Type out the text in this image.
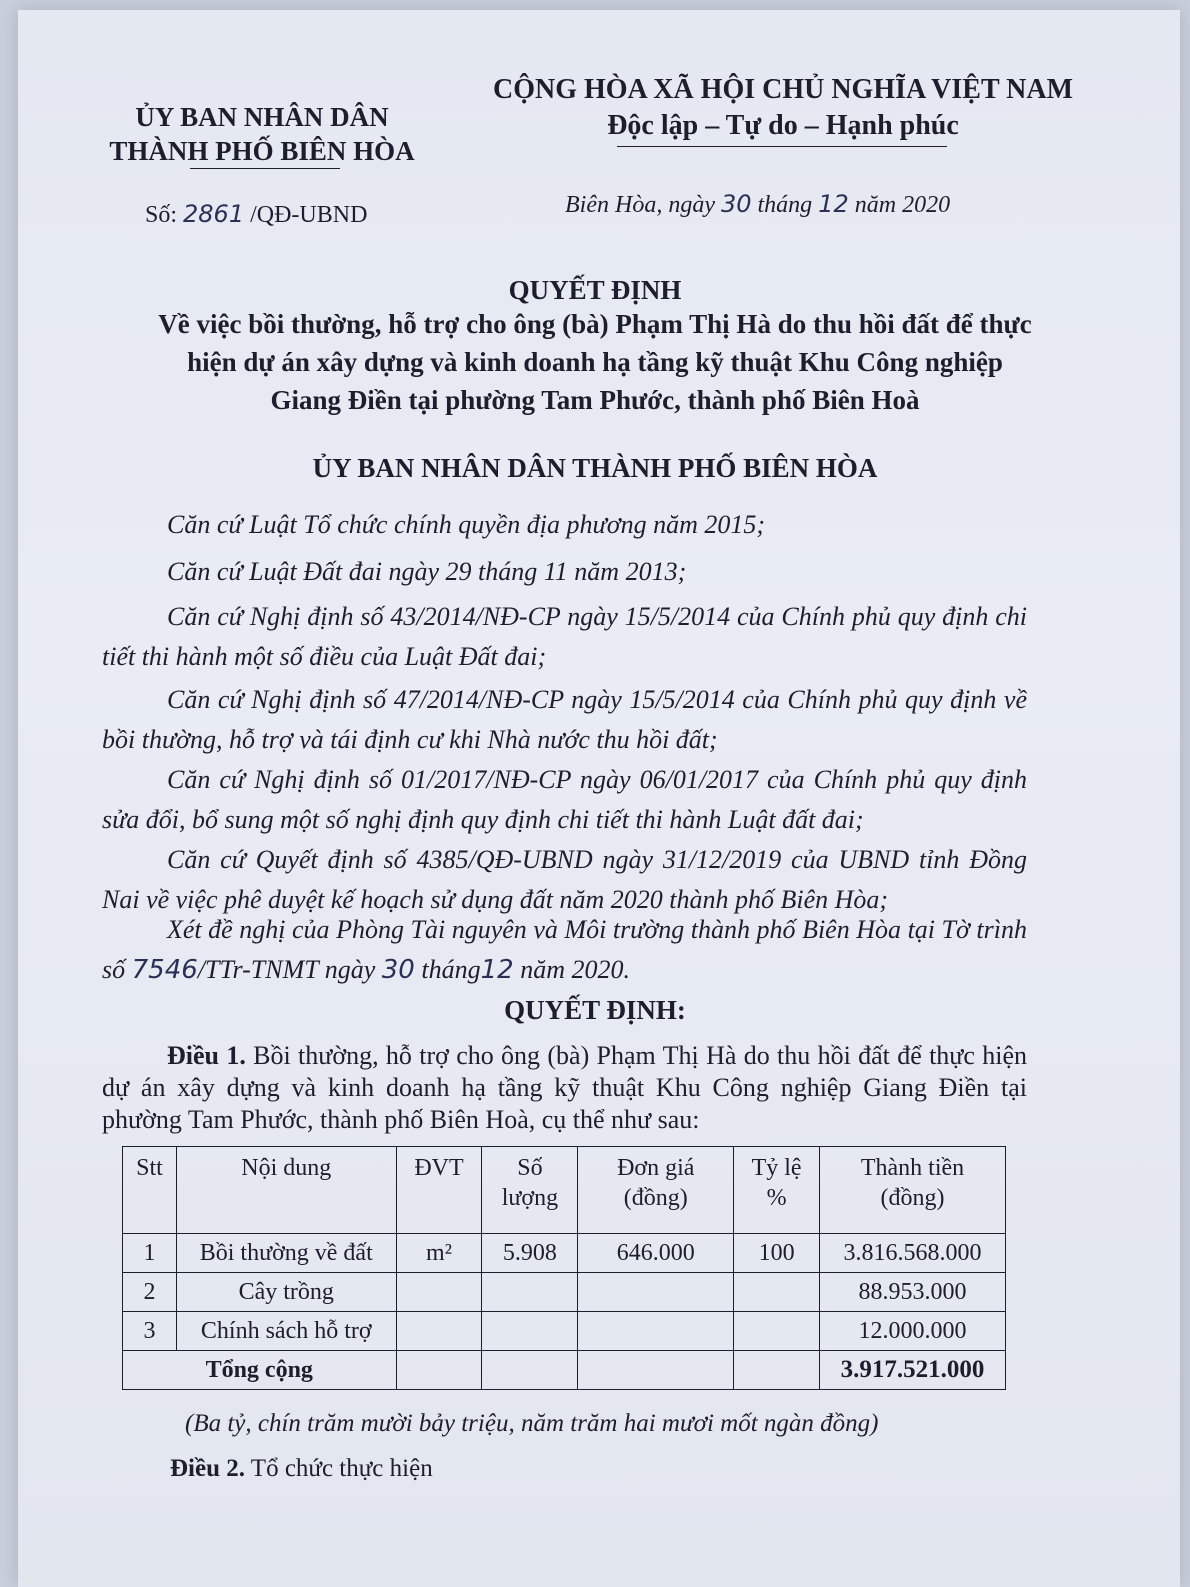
ỦY BAN NHÂN DÂN
THÀNH PHỐ BIÊN HÒA
CỘNG HÒA XÃ HỘI CHỦ NGHĨA VIỆT NAM
Độc lập – Tự do – Hạnh phúc
Số: 2861 /QĐ-UBND	Biên Hòa, ngày 30 tháng 12 năm 2020
QUYẾT ĐỊNH
Về việc bồi thường, hỗ trợ cho ông (bà) Phạm Thị Hà do thu hồi đất để thực
hiện dự án xây dựng và kinh doanh hạ tầng kỹ thuật Khu Công nghiệp
Giang Điền tại phường Tam Phước, thành phố Biên Hoà
ỦY BAN NHÂN DÂN THÀNH PHỐ BIÊN HÒA
Căn cứ Luật Tổ chức chính quyền địa phương năm 2015;
Căn cứ Luật Đất đai ngày 29 tháng 11 năm 2013;
Căn cứ Nghị định số 43/2014/NĐ-CP ngày 15/5/2014 của Chính phủ quy định chi tiết thi hành một số điều của Luật Đất đai;
Căn cứ Nghị định số 47/2014/NĐ-CP ngày 15/5/2014 của Chính phủ quy định về bồi thường, hỗ trợ và tái định cư khi Nhà nước thu hồi đất;
Căn cứ Nghị định số 01/2017/NĐ-CP ngày 06/01/2017 của Chính phủ quy định sửa đổi, bổ sung một số nghị định quy định chi tiết thi hành Luật đất đai;
Căn cứ Quyết định số 4385/QĐ-UBND ngày 31/12/2019 của UBND tỉnh Đồng Nai về việc phê duyệt kế hoạch sử dụng đất năm 2020 thành phố Biên Hòa;
Xét đề nghị của Phòng Tài nguyên và Môi trường thành phố Biên Hòa tại Tờ trình số 7546/TTr-TNMT ngày 30 tháng12 năm 2020.
QUYẾT ĐỊNH:
Điều 1. Bồi thường, hỗ trợ cho ông (bà) Phạm Thị Hà do thu hồi đất để thực hiện dự án xây dựng và kinh doanh hạ tầng kỹ thuật Khu Công nghiệp Giang Điền tại phường Tam Phước, thành phố Biên Hoà, cụ thể như sau:
Stt	Nội dung	ĐVT	Số lượng	Đơn giá (đồng)	Tỷ lệ %	Thành tiền (đồng)
1	Bồi thường về đất	m²	5.908	646.000	100	3.816.568.000
2	Cây trồng					88.953.000
3	Chính sách hỗ trợ					12.000.000
Tổng cộng						3.917.521.000
(Ba tỷ, chín trăm mười bảy triệu, năm trăm hai mươi mốt ngàn đồng)
Điều 2. Tổ chức thực hiện
